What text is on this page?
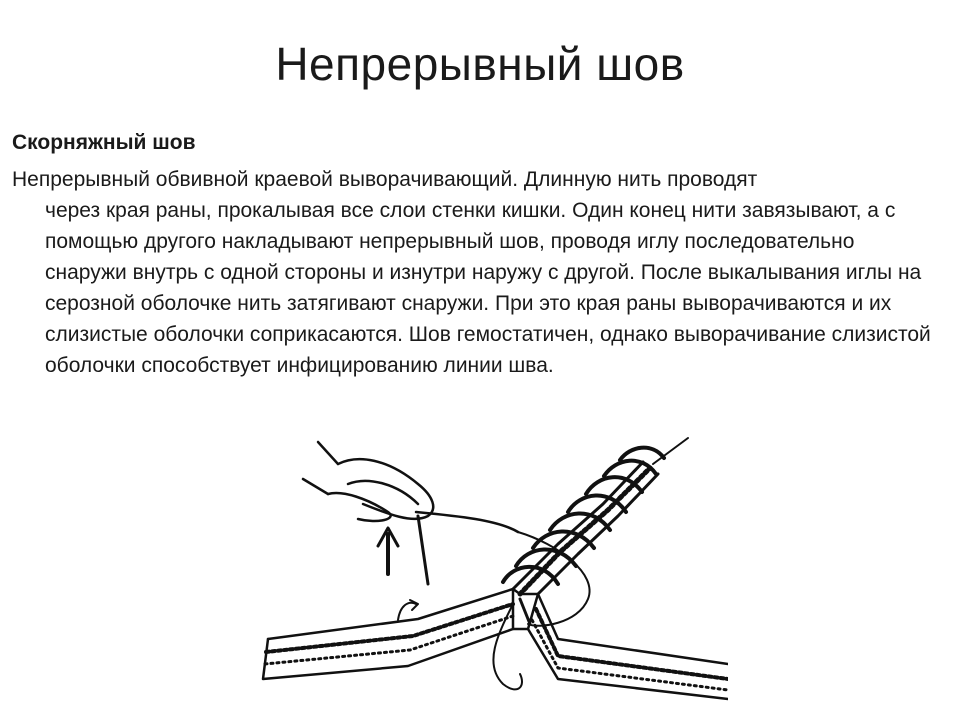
Непрерывный шов
Скорняжный шов
Непрерывный обвивной краевой выворачивающий. Длинную нить проводят
через края раны, прокалывая все слои стенки кишки. Один конец нити завязывают, а с помощью другого накладывают непрерывный шов, проводя иглу последовательно снаружи внутрь с одной стороны и изнутри наружу с другой. После выкалывания иглы на серозной оболочке нить затягивают снаружи. При это края раны выворачиваются и их слизистые оболочки соприкасаются. Шов гемостатичен, однако выворачивание слизистой оболочки способствует инфицированию линии шва.
